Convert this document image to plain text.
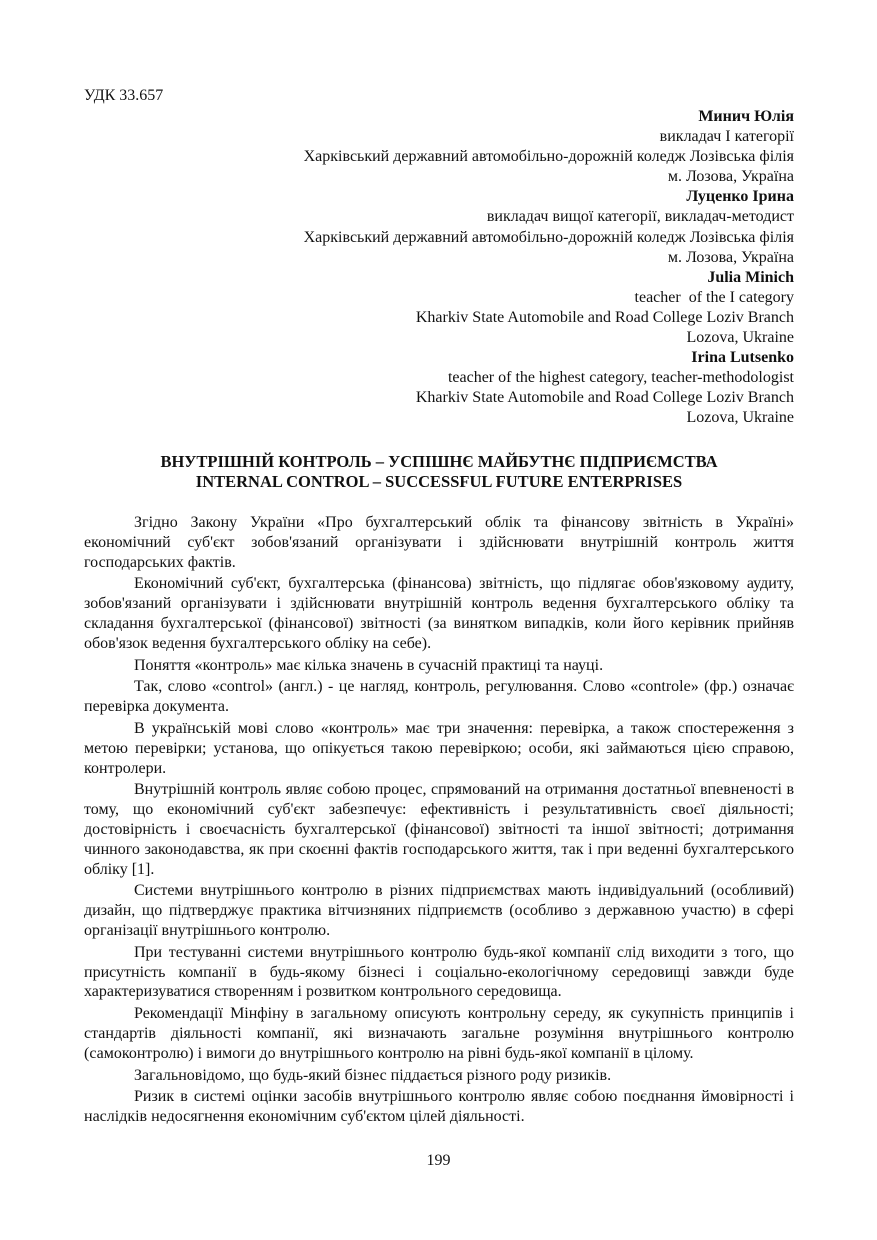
УДК 33.657
Минич Юлія
викладач І категорії
Харківський державний автомобільно-дорожній коледж Лозівська філія
м. Лозова, Україна
Луценко Ірина
викладач вищої категорії, викладач-методист
Харківський державний автомобільно-дорожній коледж Лозівська філія
м. Лозова, Україна
Julia Minich
teacher  of the I category
Kharkiv State Automobile and Road College Loziv Branch
Lozova, Ukraine
Irina Lutsenko
teacher of the highest category, teacher-methodologist
Kharkiv State Automobile and Road College Loziv Branch
Lozova, Ukraine
ВНУТРІШНІЙ КОНТРОЛЬ – УСПІШНЄ МАЙБУТНЄ ПІДПРИЄМСТВА
INTERNAL CONTROL – SUCCESSFUL FUTURE ENTERPRISES

Згідно Закону України «Про бухгалтерський облік та фінансову звітність в Україні» економічний суб'єкт зобов'язаний організувати і здійснювати внутрішній контроль життя господарських фактів.

Економічний суб'єкт, бухгалтерська (фінансова) звітність, що підлягає обов'язковому аудиту, зобов'язаний організувати і здійснювати внутрішній контроль ведення бухгалтерського обліку та складання бухгалтерської (фінансової) звітності (за винятком випадків, коли його керівник прийняв обов'язок ведення бухгалтерського обліку на себе).

Поняття «контроль» має кілька значень в сучасній практиці та науці.

Так, слово «control» (англ.) - це нагляд, контроль, регулювання. Слово «controle» (фр.) означає перевірка документа.

В українській мові слово «контроль» має три значення: перевірка, а також спостереження з метою перевірки; установа, що опікується такою перевіркою; особи, які займаються цією справою, контролери.

Внутрішній контроль являє собою процес, спрямований на отримання достатньої впевненості в тому, що економічний суб'єкт забезпечує: ефективність і результативність своєї діяльності; достовірність і своєчасність бухгалтерської (фінансової) звітності та іншої звітності; дотримання чинного законодавства, як при скоєнні фактів господарського життя, так і при веденні бухгалтерського обліку [1].

Системи внутрішнього контролю в різних підприємствах мають індивідуальний (особливий) дизайн, що підтверджує практика вітчизняних підприємств (особливо з державною участю) в сфері організації внутрішнього контролю.

При тестуванні системи внутрішнього контролю будь-якої компанії слід виходити з того, що присутність компанії в будь-якому бізнесі і соціально-екологічному середовищі завжди буде характеризуватися створенням і розвитком контрольного середовища.

Рекомендації Мінфіну в загальному описують контрольну середу, як сукупність принципів і стандартів діяльності компанії, які визначають загальне розуміння внутрішнього контролю (самоконтролю) і вимоги до внутрішнього контролю на рівні будь-якої компанії в цілому.

Загальновідомо, що будь-який бізнес піддається різного роду ризиків.

Ризик в системі оцінки засобів внутрішнього контролю являє собою поєднання ймовірності і наслідків недосягнення економічним суб'єктом цілей діяльності.

199
